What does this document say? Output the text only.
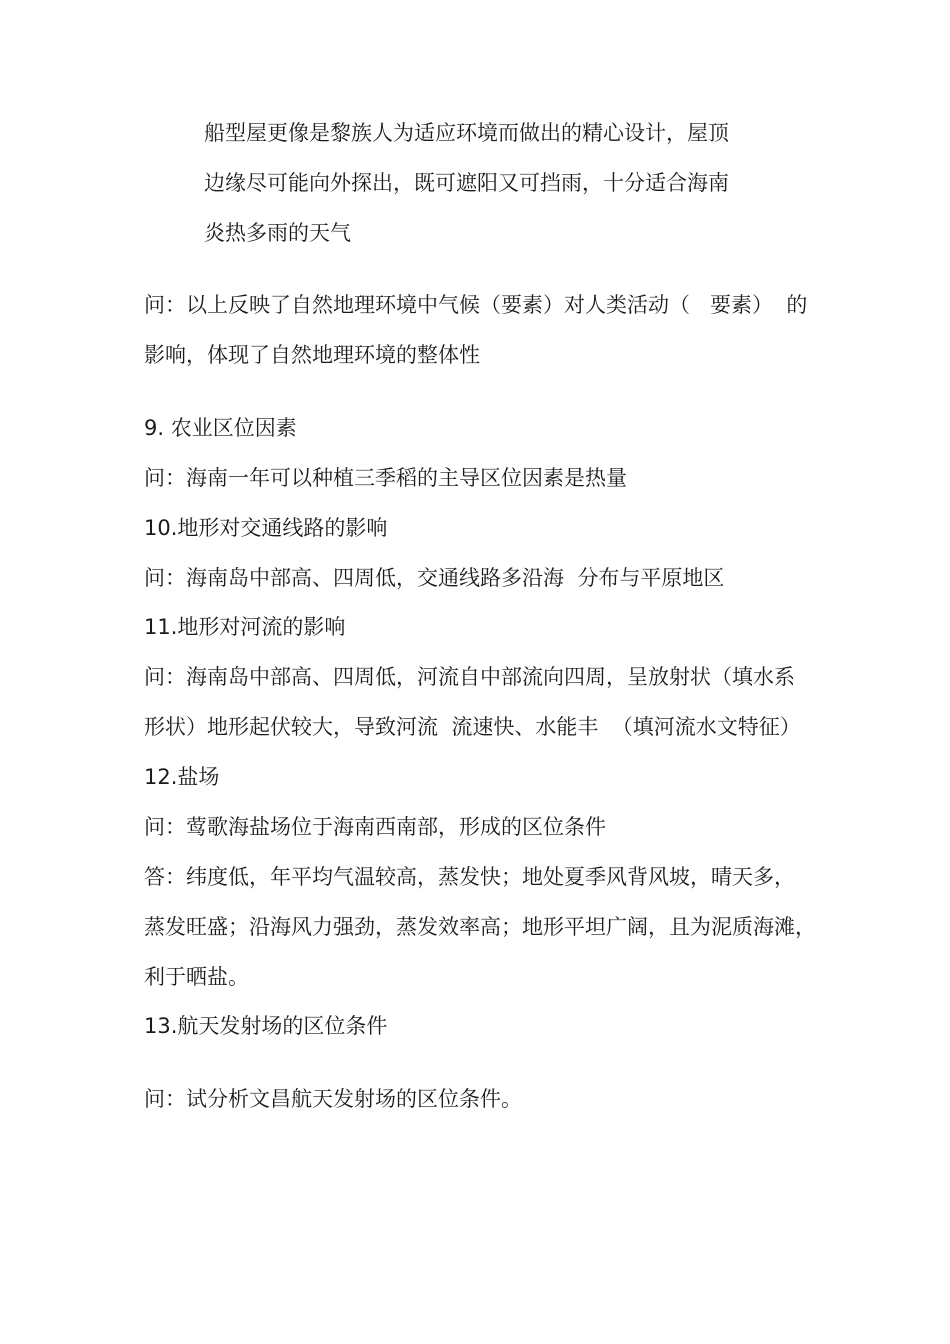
船型屋更像是黎族人为适应环境而做出的精心设计，屋顶
边缘尽可能向外探出，既可遮阳又可挡雨，十分适合海南
炎热多雨的天气
问：以上反映了自然地理环境中气候（要素）对人类活动（   要素）  的
影响，体现了自然地理环境的整体性
9. 农业区位因素
问：海南一年可以种植三季稻的主导区位因素是热量
10.地形对交通线路的影响
问：海南岛中部高、四周低，交通线路多沿海  分布与平原地区
11.地形对河流的影响
问：海南岛中部高、四周低，河流自中部流向四周，呈放射状（填水系
形状）地形起伏较大，导致河流  流速快、水能丰  （填河流水文特征）
12.盐场
问：莺歌海盐场位于海南西南部，形成的区位条件
答：纬度低，年平均气温较高，蒸发快；地处夏季风背风坡，晴天多，
蒸发旺盛；沿海风力强劲，蒸发效率高；地形平坦广阔，且为泥质海滩，
利于晒盐。
13.航天发射场的区位条件
问：试分析文昌航天发射场的区位条件。
